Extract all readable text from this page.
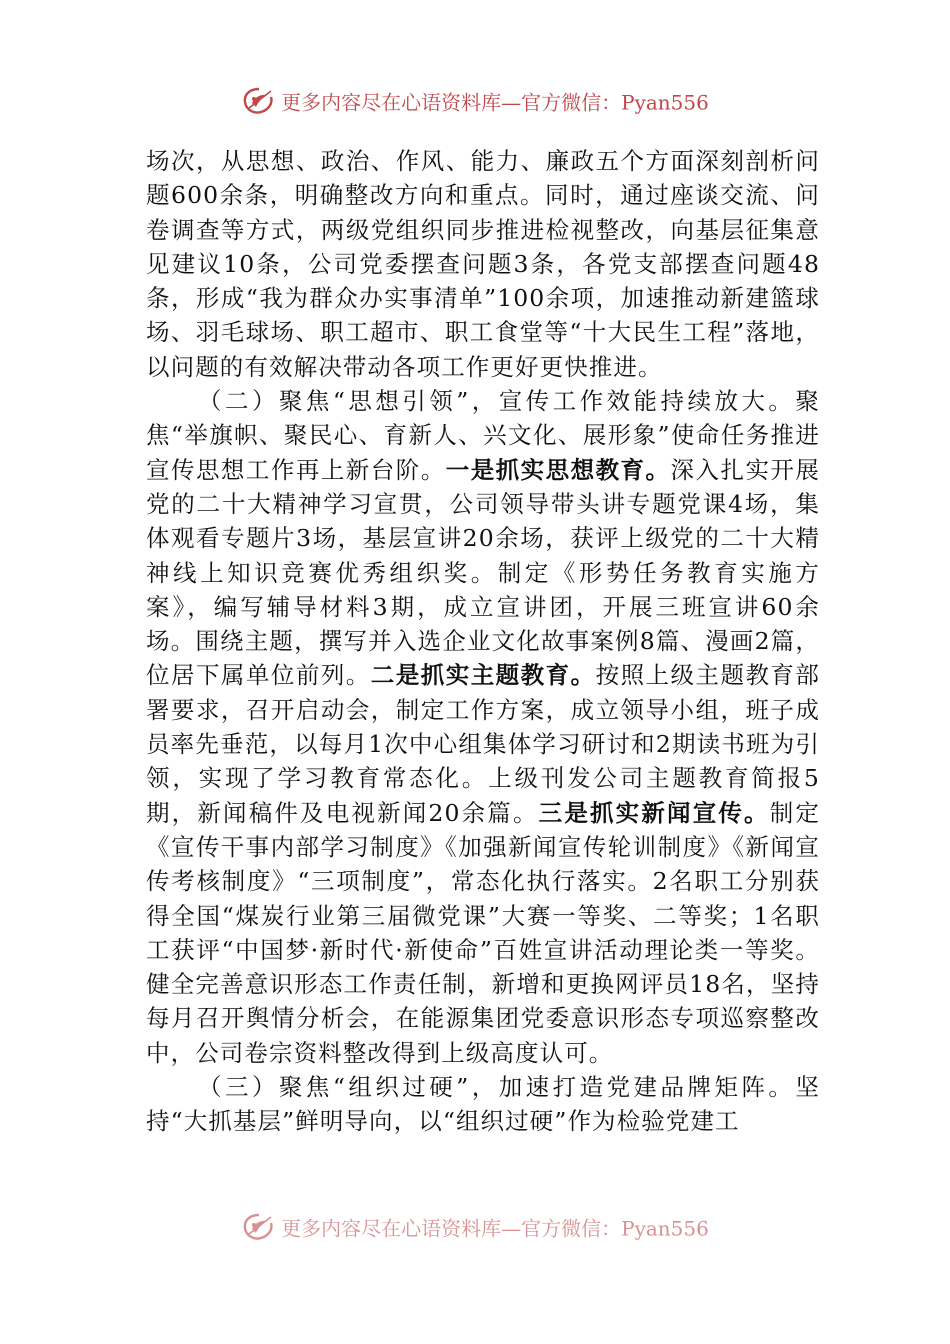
更多内容尽在心语资料库—官方微信：Pyan556

场次，从思想、政治、作风、能力、廉政五个方面深刻剖析问题600余条，明确整改方向和重点。同时，通过座谈交流、问卷调查等方式，两级党组织同步推进检视整改，向基层征集意见建议10条，公司党委摆查问题3条，各党支部摆查问题48条，形成“我为群众办实事清单”100余项，加速推动新建篮球场、羽毛球场、职工超市、职工食堂等“十大民生工程”落地，以问题的有效解决带动各项工作更好更快推进。

（二）聚焦“思想引领”，宣传工作效能持续放大。聚焦“举旗帜、聚民心、育新人、兴文化、展形象”使命任务推进宣传思想工作再上新台阶。一是抓实思想教育。深入扎实开展党的二十大精神学习宣贯，公司领导带头讲专题党课4场，集体观看专题片3场，基层宣讲20余场，获评上级党的二十大精神线上知识竞赛优秀组织奖。制定《形势任务教育实施方案》，编写辅导材料3期，成立宣讲团，开展三班宣讲60余场。围绕主题，撰写并入选企业文化故事案例8篇、漫画2篇，位居下属单位前列。二是抓实主题教育。按照上级主题教育部署要求，召开启动会，制定工作方案，成立领导小组，班子成员率先垂范，以每月1次中心组集体学习研讨和2期读书班为引领，实现了学习教育常态化。上级刊发公司主题教育简报5期，新闻稿件及电视新闻20余篇。三是抓实新闻宣传。制定《宣传干事内部学习制度》《加强新闻宣传轮训制度》《新闻宣传考核制度》“三项制度”，常态化执行落实。2名职工分别获得全国“煤炭行业第三届微党课”大赛一等奖、二等奖；1名职工获评“中国梦·新时代·新使命”百姓宣讲活动理论类一等奖。健全完善意识形态工作责任制，新增和更换网评员18名，坚持每月召开舆情分析会，在能源集团党委意识形态专项巡察整改中，公司卷宗资料整改得到上级高度认可。

（三）聚焦“组织过硬”，加速打造党建品牌矩阵。坚持“大抓基层”鲜明导向，以“组织过硬”作为检验党建工

更多内容尽在心语资料库—官方微信：Pyan556
